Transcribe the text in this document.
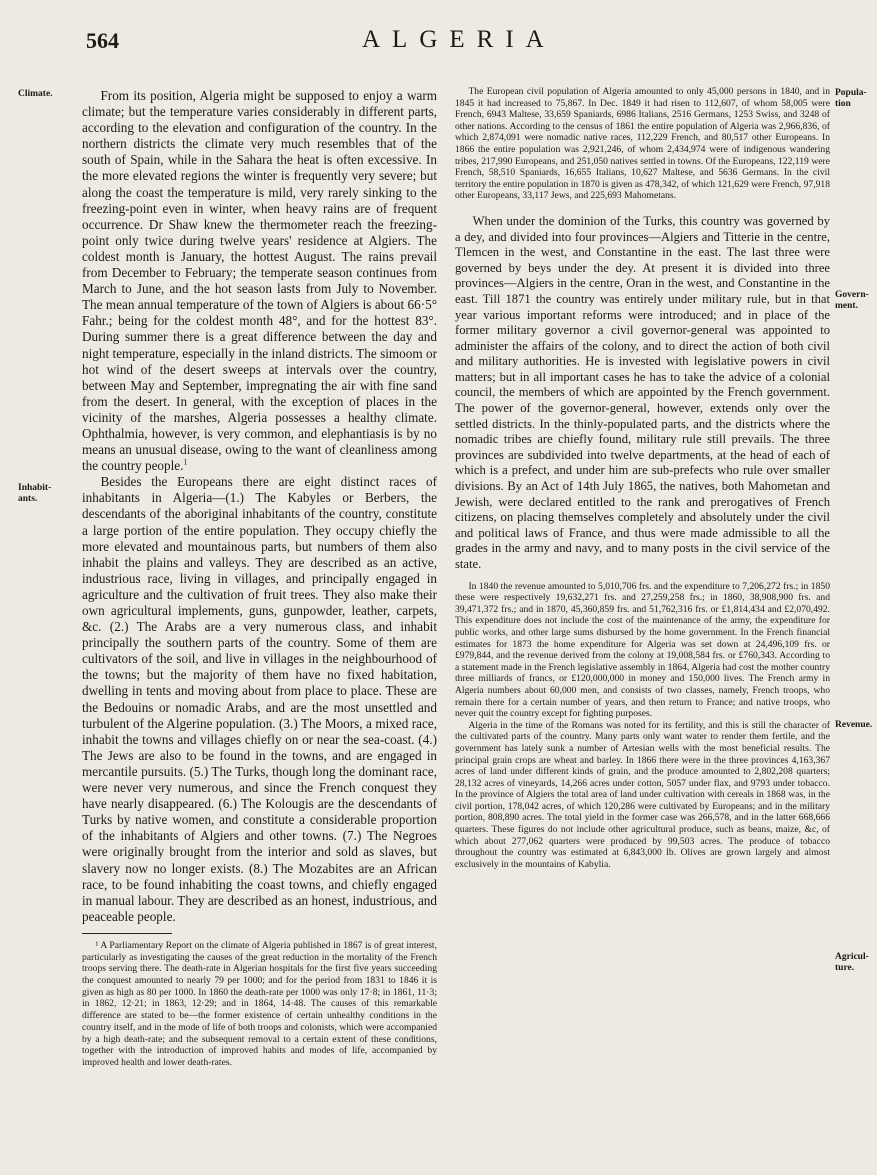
564	ALGERIA
Climate.
Inhabit-ants.
Popula-tion
Govern-ment.
Revenue.
Agricul-ture.

From its position, Algeria might be supposed to enjoy a warm climate; but the temperature varies considerably in different parts, according to the elevation and configuration of the country. In the northern districts the climate very much resembles that of the south of Spain, while in the Sahara the heat is often excessive. In the more elevated regions the winter is frequently very severe; but along the coast the temperature is mild, very rarely sinking to the freezing-point even in winter, when heavy rains are of frequent occurrence. Dr Shaw knew the thermometer reach the freezing-point only twice during twelve years' residence at Algiers. The coldest month is January, the hottest August. The rains prevail from December to February; the temperate season continues from March to June, and the hot season lasts from July to November. The mean annual temperature of the town of Algiers is about 66·5° Fahr.; being for the coldest month 48°, and for the hottest 83°. During summer there is a great difference between the day and night temperature, especially in the inland districts. The simoom or hot wind of the desert sweeps at intervals over the country, between May and September, impregnating the air with fine sand from the desert. In general, with the exception of places in the vicinity of the marshes, Algeria possesses a healthy climate. Ophthalmia, however, is very common, and elephantiasis is by no means an unusual disease, owing to the want of cleanliness among the country people.$^1$

Besides the Europeans there are eight distinct races of inhabitants in Algeria—(1.) The Kabyles or Berbers, the descendants of the aboriginal inhabitants of the country, constitute a large portion of the entire population. They occupy chiefly the more elevated and mountainous parts, but numbers of them also inhabit the plains and valleys. They are described as an active, industrious race, living in villages, and principally engaged in agriculture and the cultivation of fruit trees. They also make their own agricultural implements, guns, gunpowder, leather, carpets, &c. (2.) The Arabs are a very numerous class, and inhabit principally the southern parts of the country. Some of them are cultivators of the soil, and live in villages in the neighbourhood of the towns; but the majority of them have no fixed habitation, dwelling in tents and moving about from place to place. These are the Bedouins or nomadic Arabs, and are the most unsettled and turbulent of the Algerine population. (3.) The Moors, a mixed race, inhabit the towns and villages chiefly on or near the sea-coast. (4.) The Jews are also to be found in the towns, and are engaged in mercantile pursuits. (5.) The Turks, though long the dominant race, were never very numerous, and since the French conquest they have nearly disappeared. (6.) The Kolougis are the descendants of Turks by native women, and constitute a considerable proportion of the inhabitants of Algiers and other towns. (7.) The Negroes were originally brought from the interior and sold as slaves, but slavery now no longer exists. (8.) The Mozabites are an African race, to be found inhabiting the coast towns, and chiefly engaged in manual labour. They are described as an honest, industrious, and peaceable people.

¹ A Parliamentary Report on the climate of Algeria published in 1867 is of great interest, particularly as investigating the causes of the great reduction in the mortality of the French troops serving there. The death-rate in Algerian hospitals for the first five years succeeding the conquest amounted to nearly 79 per 1000; and for the period from 1831 to 1846 it is given as high as 80 per 1000. In 1860 the death-rate per 1000 was only 17·8; in 1861, 11·3; in 1862, 12·21; in 1863, 12·29; and in 1864, 14·48. The causes of this remarkable difference are stated to be—the former existence of certain unhealthy conditions in the country itself, and in the mode of life of both troops and colonists, which were accompanied by a high death-rate; and the subsequent removal to a certain extent of these conditions, together with the introduction of improved habits and modes of life, accompanied by improved health and lower death-rates.

The European civil population of Algeria amounted to only 45,000 persons in 1840, and in 1845 it had increased to 75,867. In Dec. 1849 it had risen to 112,607, of whom 58,005 were French, 6943 Maltese, 33,659 Spaniards, 6986 Italians, 2516 Germans, 1253 Swiss, and 3248 of other nations. According to the census of 1861 the entire population of Algeria was 2,966,836, of which 2,874,091 were nomadic native races, 112,229 French, and 80,517 other Europeans. In 1866 the entire population was 2,921,246, of whom 2,434,974 were of indigenous wandering tribes, 217,990 Europeans, and 251,050 natives settled in towns. Of the Europeans, 122,119 were French, 58,510 Spaniards, 16,655 Italians, 10,627 Maltese, and 5636 Germans. In the civil territory the entire population in 1870 is given as 478,342, of which 121,629 were French, 97,918 other Europeans, 33,117 Jews, and 225,693 Mahometans.

When under the dominion of the Turks, this country was governed by a dey, and divided into four provinces—Algiers and Titterie in the centre, Tlemcen in the west, and Constantine in the east. The last three were governed by beys under the dey. At present it is divided into three provinces—Algiers in the centre, Oran in the west, and Constantine in the east. Till 1871 the country was entirely under military rule, but in that year various important reforms were introduced; and in place of the former military governor a civil governor-general was appointed to administer the affairs of the colony, and to direct the action of both civil and military authorities. He is invested with legislative powers in civil matters; but in all important cases he has to take the advice of a colonial council, the members of which are appointed by the French government. The power of the governor-general, however, extends only over the settled districts. In the thinly-populated parts, and the districts where the nomadic tribes are chiefly found, military rule still prevails. The three provinces are subdivided into twelve departments, at the head of each of which is a prefect, and under him are sub-prefects who rule over smaller divisions. By an Act of 14th July 1865, the natives, both Mahometan and Jewish, were declared entitled to the rank and prerogatives of French citizens, on placing themselves completely and absolutely under the civil and political laws of France, and thus were made admissible to all the grades in the army and navy, and to many posts in the civil service of the state.

In 1840 the revenue amounted to 5,010,706 frs. and the expenditure to 7,206,272 frs.; in 1850 these were respectively 19,632,271 frs. and 27,259,258 frs.; in 1860, 38,908,900 frs. and 39,471,372 frs.; and in 1870, 45,360,859 frs. and 51,762,316 frs. or £1,814,434 and £2,070,492. This expenditure does not include the cost of the maintenance of the army, the expenditure for public works, and other large sums disbursed by the home government. In the French financial estimates for 1873 the home expenditure for Algeria was set down at 24,496,109 frs. or £979,844, and the revenue derived from the colony at 19,008,584 frs. or £760,343. According to a statement made in the French legislative assembly in 1864, Algeria had cost the mother country three milliards of francs, or £120,000,000 in money and 150,000 lives. The French army in Algeria numbers about 60,000 men, and consists of two classes, namely, French troops, who remain there for a certain number of years, and then return to France; and native troops, who never quit the country except for fighting purposes.

Algeria in the time of the Romans was noted for its fertility, and this is still the character of the cultivated parts of the country. Many parts only want water to render them fertile, and the government has lately sunk a number of Artesian wells with the most beneficial results. The principal grain crops are wheat and barley. In 1866 there were in the three provinces 4,163,367 acres of land under different kinds of grain, and the produce amounted to 2,802,208 quarters; 28,132 acres of vineyards, 14,266 acres under cotton, 5057 under flax, and 9793 under tobacco. In the province of Algiers the total area of land under cultivation with cereals in 1868 was, in the civil portion, 178,042 acres, of which 120,286 were cultivated by Europeans; and in the military portion, 808,890 acres. The total yield in the former case was 266,578, and in the latter 668,666 quarters. These figures do not include other agricultural produce, such as beans, maize, &c, of which about 277,062 quarters were produced by 99,503 acres. The produce of tobacco throughout the country was estimated at 6,843,000 lb. Olives are grown largely and almost exclusively in the mountains of Kabylia.
